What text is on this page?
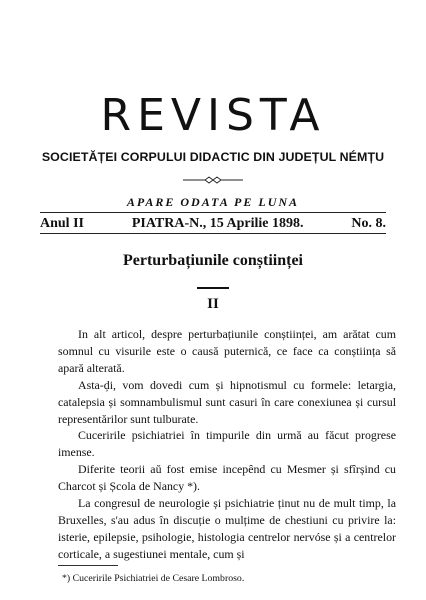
REVISTA
SOCIETĂȚEI CORPULUI DIDACTIC DIN JUDEȚUL NÉMȚU
APARE ODATA PE LUNA
Anul II	PIATRA-N., 15 Aprilie 1898.	No. 8.
Perturbațiunile conștiinței
II

In alt articol, despre perturbațiunile conștiinței, am arătat cum somnul cu visurile este o causă puternică, ce face ca conștiința să apară alterată.

Asta-ḑi, vom dovedi cum și hipnotismul cu formele: letargia, catalepsia și somnambulismul sunt casuri în care conexiunea și cursul representărilor sunt tulburate.

Cuceririle psichiatriei în timpurile din urmă au făcut progrese imense.

Diferite teorii aŭ fost emise incepȇnd cu Mesmer și sfîrșind cu Charcot și Școla de Nancy *).

La congresul de neurologie și psichiatrie ținut nu de mult timp, la Bruxelles, s'au adus în discuție o mulțime de chestiuni cu privire la: isterie, epilepsie, psihologie, histologia centrelor nervóse și a centrelor corticale, a sugestiunei mentale, cum și

*) Cuceririle Psichiatriei de Cesare Lombroso.
